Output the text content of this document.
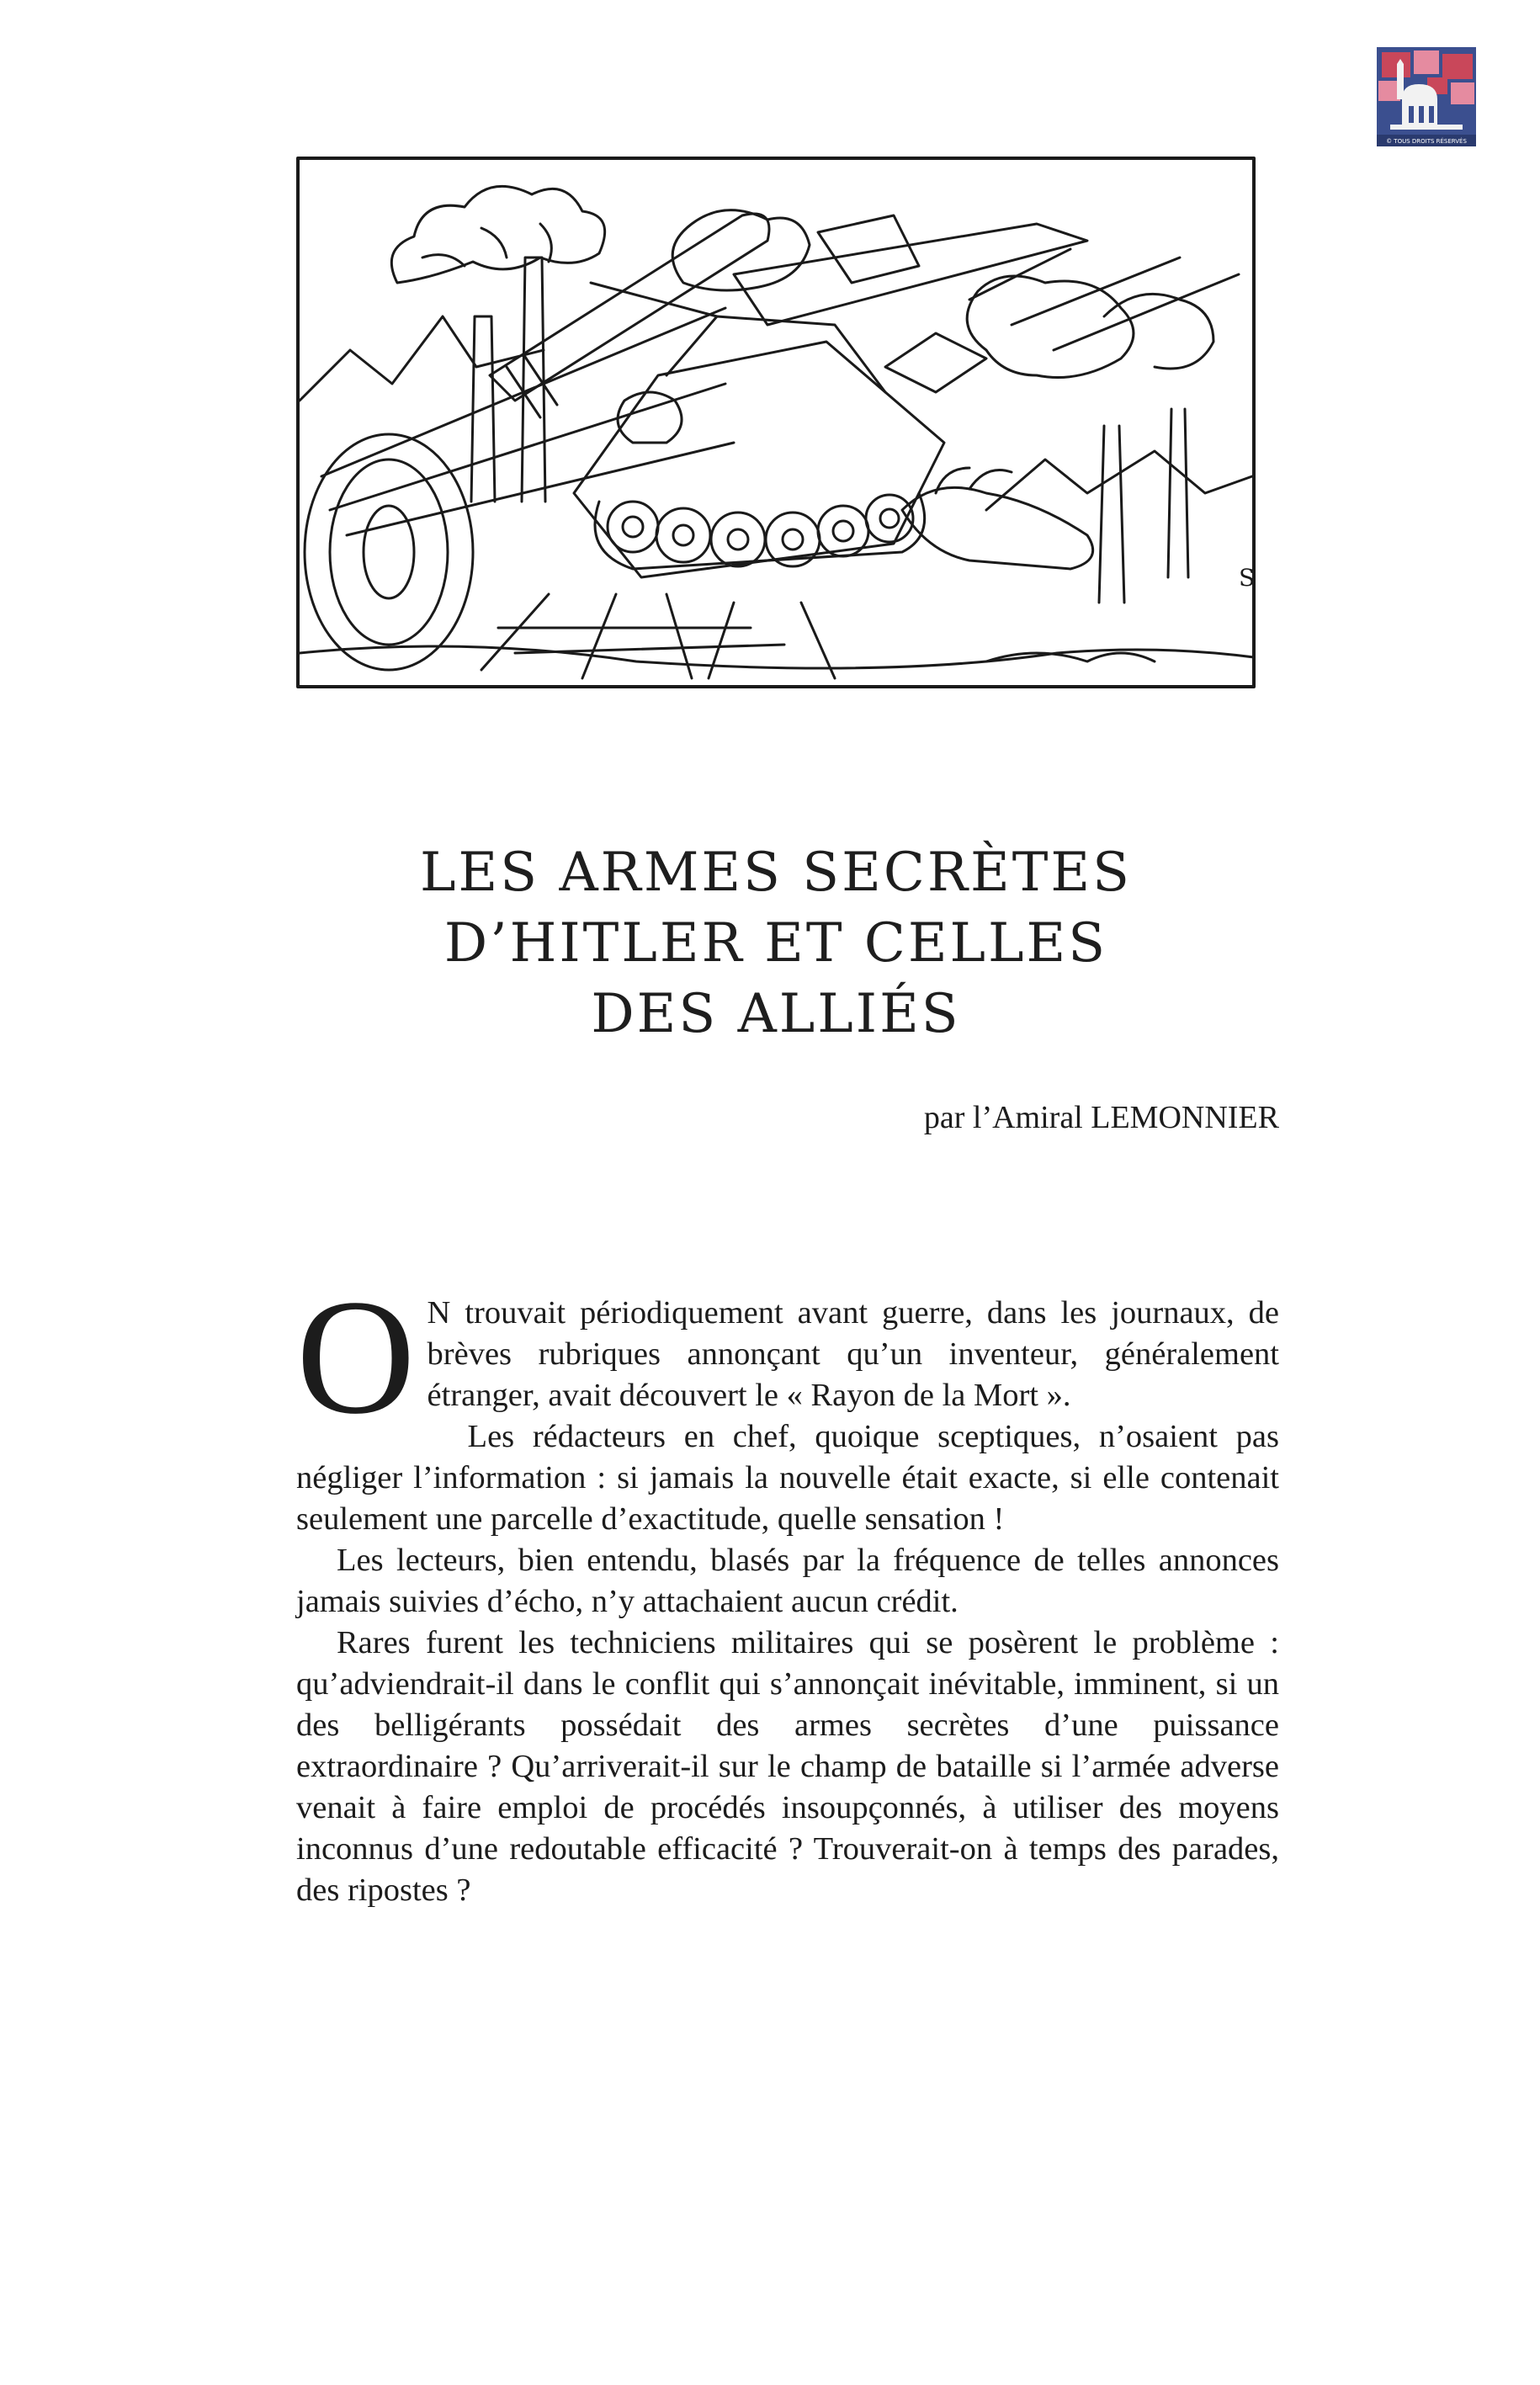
© TOUS DROITS RÉSERVÉS
S
LES ARMES SECRÈTES
D’HITLER ET CELLES
DES ALLIÉS
par l’Amiral LEMONNIER

O N trouvait périodiquement avant guerre, dans les journaux, de brèves rubriques annonçant qu’un inventeur, généralement étranger, avait découvert le « Rayon de la Mort ».

Les rédacteurs en chef, quoique sceptiques, n’osaient pas négliger l’information : si jamais la nouvelle était exacte, si elle contenait seulement une parcelle d’exactitude, quelle sensation !

Les lecteurs, bien entendu, blasés par la fréquence de telles annonces jamais suivies d’écho, n’y attachaient aucun crédit.

Rares furent les techniciens militaires qui se posèrent le problème : qu’adviendrait-il dans le conflit qui s’annonçait inévitable, imminent, si un des belligérants possédait des armes secrètes d’une puissance extraordinaire ? Qu’arriverait-il sur le champ de bataille si l’armée adverse venait à faire emploi de procédés insoupçonnés, à utiliser des moyens inconnus d’une redoutable efficacité ? Trouverait-on à temps des parades, des ripostes ?
